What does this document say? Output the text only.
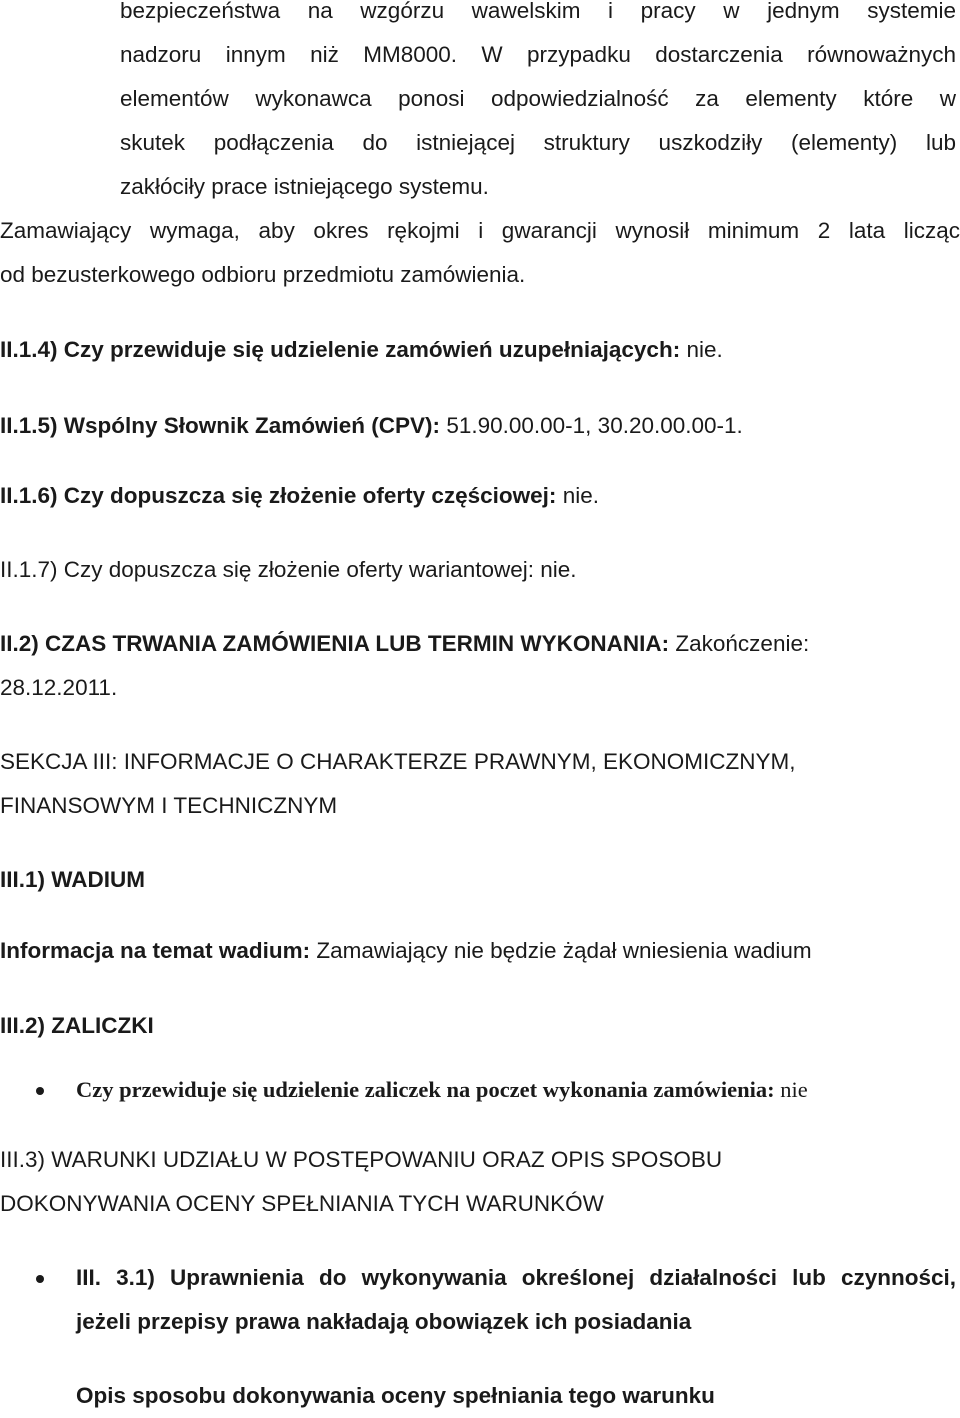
bezpieczeństwa na wzgórzu wawelskim i pracy w jednym systemie
nadzoru innym niż MM8000. W przypadku dostarczenia równoważnych
elementów wykonawca ponosi odpowiedzialność za elementy które w
skutek podłączenia do istniejącej struktury uszkodziły (elementy) lub
zakłóciły prace istniejącego systemu.
Zamawiający wymaga, aby okres rękojmi i gwarancji wynosił minimum 2 lata licząc
od bezusterkowego odbioru przedmiotu zamówienia.
II.1.4) Czy przewiduje się udzielenie zamówień uzupełniających: nie.
II.1.5) Wspólny Słownik Zamówień (CPV): 51.90.00.00-1, 30.20.00.00-1.
II.1.6) Czy dopuszcza się złożenie oferty częściowej: nie.
II.1.7) Czy dopuszcza się złożenie oferty wariantowej: nie.
II.2) CZAS TRWANIA ZAMÓWIENIA LUB TERMIN WYKONANIA: Zakończenie:
28.12.2011.
SEKCJA III: INFORMACJE O CHARAKTERZE PRAWNYM, EKONOMICZNYM,
FINANSOWYM I TECHNICZNYM
III.1) WADIUM
Informacja na temat wadium: Zamawiający nie będzie żądał wniesienia wadium
III.2) ZALICZKI
Czy przewiduje się udzielenie zaliczek na poczet wykonania zamówienia: nie
III.3) WARUNKI UDZIAŁU W POSTĘPOWANIU ORAZ OPIS SPOSOBU
DOKONYWANIA OCENY SPEŁNIANIA TYCH WARUNKÓW
III. 3.1) Uprawnienia do wykonywania określonej działalności lub czynności,
jeżeli przepisy prawa nakładają obowiązek ich posiadania
Opis sposobu dokonywania oceny spełniania tego warunku
